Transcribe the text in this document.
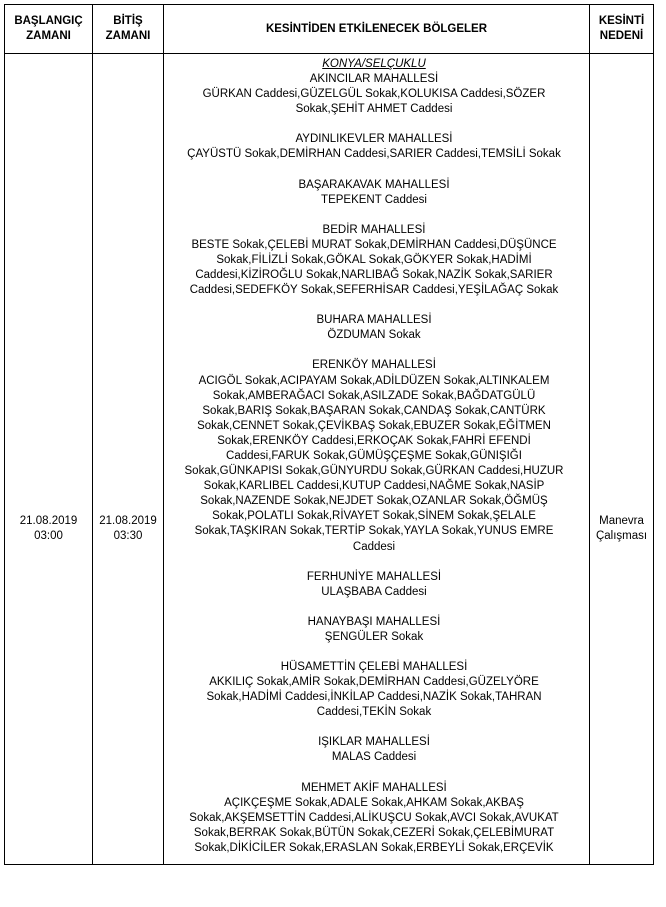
BAŞLANGIÇ
ZAMANI
BİTİŞ
ZAMANI
KESİNTİDEN ETKİLENECEK BÖLGELER
KESİNTİ
NEDENİ
21.08.2019
03:00
21.08.2019
03:30
Manevra
Çalışması
KONYA/SELÇUKLU
AKINCILAR MAHALLESİ
GÜRKAN Caddesi,GÜZELGÜL Sokak,KOLUKISA Caddesi,SÖZER
Sokak,ŞEHİT AHMET Caddesi
AYDINLIKEVLER MAHALLESİ
ÇAYÜSTÜ Sokak,DEMİRHAN Caddesi,SARIER Caddesi,TEMSİLİ Sokak
BAŞARAKAVAK MAHALLESİ
TEPEKENT Caddesi
BEDİR MAHALLESİ
BESTE Sokak,ÇELEBİ MURAT Sokak,DEMİRHAN Caddesi,DÜŞÜNCE
Sokak,FİLİZLİ Sokak,GÖKAL Sokak,GÖKYER Sokak,HADİMİ
Caddesi,KİZİROĞLU Sokak,NARLIBAĞ Sokak,NAZİK Sokak,SARIER
Caddesi,SEDEFKÖY Sokak,SEFERHİSAR Caddesi,YEŞİLAĞAÇ Sokak
BUHARA MAHALLESİ
ÖZDUMAN Sokak
ERENKÖY MAHALLESİ
ACIGÖL Sokak,ACIPAYAM Sokak,ADİLDÜZEN Sokak,ALTINKALEM
Sokak,AMBERAĞACI Sokak,ASILZADE Sokak,BAĞDATGÜLÜ
Sokak,BARIŞ Sokak,BAŞARAN Sokak,CANDAŞ Sokak,CANTÜRK
Sokak,CENNET Sokak,ÇEVİKBAŞ Sokak,EBUZER Sokak,EĞİTMEN
Sokak,ERENKÖY Caddesi,ERKOÇAK Sokak,FAHRİ EFENDİ
Caddesi,FARUK Sokak,GÜMÜŞÇEŞME Sokak,GÜNIŞIĞI
Sokak,GÜNKAPISI Sokak,GÜNYURDU Sokak,GÜRKAN Caddesi,HUZUR
Sokak,KARLIBEL Caddesi,KUTUP Caddesi,NAĞME Sokak,NASİP
Sokak,NAZENDE Sokak,NEJDET Sokak,OZANLAR Sokak,ÖĞMÜŞ
Sokak,POLATLI Sokak,RİVAYET Sokak,SİNEM Sokak,ŞELALE
Sokak,TAŞKIRAN Sokak,TERTİP Sokak,YAYLA Sokak,YUNUS EMRE
Caddesi
FERHUNİYE MAHALLESİ
ULAŞBABA Caddesi
HANAYBAŞI MAHALLESİ
ŞENGÜLER Sokak
HÜSAMETTİN ÇELEBİ MAHALLESİ
AKKILIÇ Sokak,AMİR Sokak,DEMİRHAN Caddesi,GÜZELYÖRE
Sokak,HADİMİ Caddesi,İNKİLAP Caddesi,NAZİK Sokak,TAHRAN
Caddesi,TEKİN Sokak
IŞIKLAR MAHALLESİ
MALAS Caddesi
MEHMET AKİF MAHALLESİ
AÇIKÇEŞME Sokak,ADALE Sokak,AHKAM Sokak,AKBAŞ
Sokak,AKŞEMSETTİN Caddesi,ALİKUŞCU Sokak,AVCI Sokak,AVUKAT
Sokak,BERRAK Sokak,BÜTÜN Sokak,CEZERİ Sokak,ÇELEBİMURAT
Sokak,DİKİCİLER Sokak,ERASLAN Sokak,ERBEYLİ Sokak,ERÇEVİK
